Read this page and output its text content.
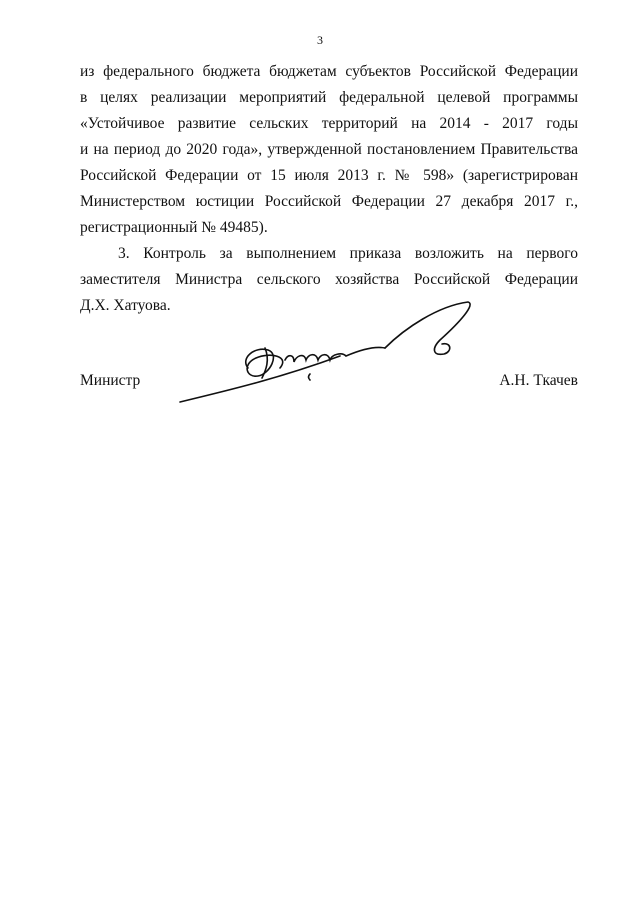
3
из федерального бюджета бюджетам субъектов Российской Федерации
в целях реализации мероприятий федеральной целевой программы
«Устойчивое развитие сельских территорий на 2014 - 2017 годы
и на период до 2020 года», утвержденной постановлением Правительства
Российской Федерации от 15 июля 2013 г. № 598» (зарегистрирован
Министерством юстиции Российской Федерации 27 декабря 2017 г.,
регистрационный № 49485).
3. Контроль за выполнением приказа возложить на первого
заместителя Министра сельского хозяйства Российской Федерации
Д.Х. Хатуова.
Министр	А.Н. Ткачев
